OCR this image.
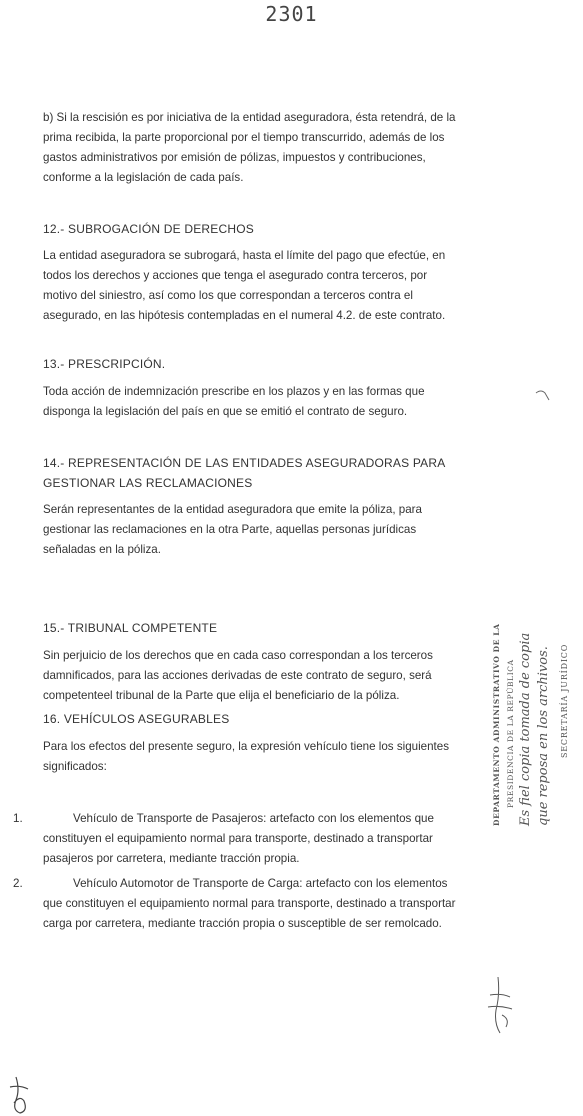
2301
b) Si la rescisión es por iniciativa de la entidad aseguradora, ésta retendrá, de la
prima recibida, la parte proporcional por el tiempo transcurrido, además de los
gastos administrativos por emisión de pólizas, impuestos y contribuciones,
conforme a la legislación de cada país.
12.- SUBROGACIÓN DE DERECHOS
La entidad aseguradora se subrogará, hasta el límite del pago que efectúe, en
todos los derechos y acciones que tenga el asegurado contra terceros, por
motivo del siniestro, así como los que correspondan a terceros contra el
asegurado, en las hipótesis contempladas en el numeral 4.2. de este contrato.
13.- PRESCRIPCIÓN.
Toda acción de indemnización prescribe en los plazos y en las formas que
disponga la legislación del país en que se emitió el contrato de seguro.
14.- REPRESENTACIÓN DE LAS ENTIDADES ASEGURADORAS PARA
GESTIONAR LAS RECLAMACIONES
Serán representantes de la entidad aseguradora que emite la póliza, para
gestionar las reclamaciones en la otra Parte, aquellas personas jurídicas
señaladas en la póliza.
15.- TRIBUNAL COMPETENTE
Sin perjuicio de los derechos que en cada caso correspondan a los terceros
damnificados, para las acciones derivadas de este contrato de seguro, será
competenteel tribunal de la Parte que elija el beneficiario de la póliza.
16. VEHÍCULOS ASEGURABLES
Para los efectos del presente seguro, la expresión vehículo tiene los siguientes
significados:
1.	Vehículo de Transporte de Pasajeros: artefacto con los elementos que
constituyen el equipamiento normal para transporte, destinado a transportar
pasajeros por carretera, mediante tracción propia.
2.	Vehículo Automotor de Transporte de Carga: artefacto con los elementos
que constituyen el equipamiento normal para transporte, destinado a transportar
carga por carretera, mediante tracción propia o susceptible de ser remolcado.
DEPARTAMENTO ADMINISTRATIVO DE LA PRESIDENCIA DE LA REPÚBLICA Es fiel copia tomada de copia que reposa en los archivos. SECRETARÍA JURÍDICO
